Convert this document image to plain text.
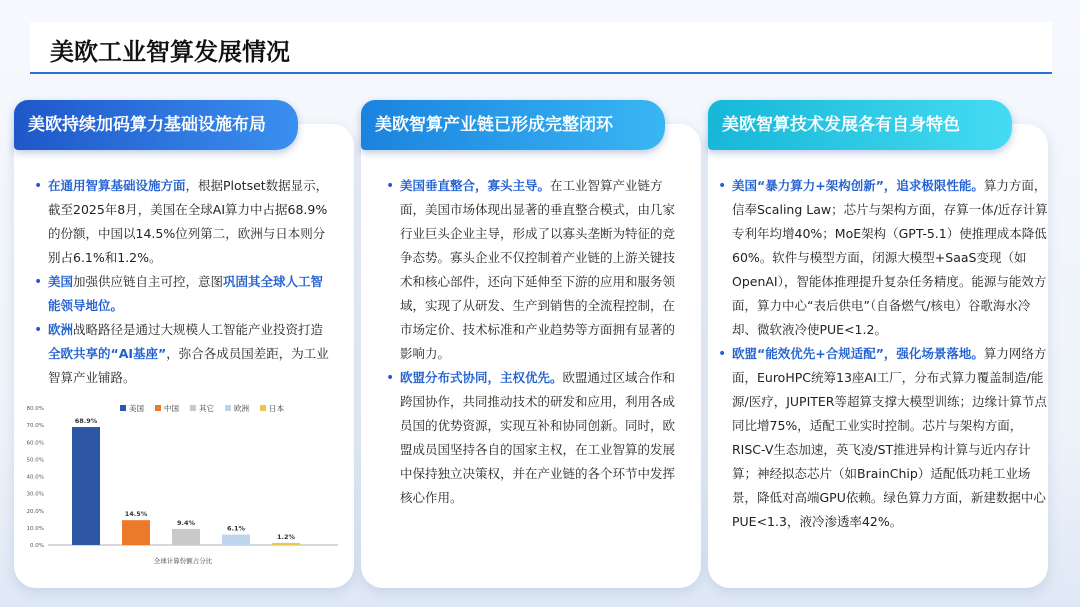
美欧工业智算发展情况
美欧持续加码算力基础设施布局
• 在通用智算基础设施方面，根据Plotset数据显示，截至2025年8月，美国在全球AI算力中占据68.9%的份额，中国以14.5%位列第二，欧洲与日本则分别占6.1%和1.2%。
• 美国加强供应链自主可控，意图巩固其全球人工智能领导地位。
• 欧洲战略路径是通过大规模人工智能产业投资打造全欧共享的“AI基座”，弥合各成员国差距，为工业智算产业铺路。
0.0%
10.0%
20.0%
30.0%
40.0%
50.0%
60.0%
70.0%
80.0%
68.9%
14.5%
9.4%
6.1%
1.2%
美国	中国	其它	欧洲	日本
全球计算份额占分比
美欧智算产业链已形成完整闭环
• 美国垂直整合，寡头主导。在工业智算产业链方面，美国市场体现出显著的垂直整合模式，由几家行业巨头企业主导，形成了以寡头垄断为特征的竞争态势。寡头企业不仅控制着产业链的上游关键技术和核心部件，还向下延伸至下游的应用和服务领域，实现了从研发、生产到销售的全流程控制，在市场定价、技术标准和产业趋势等方面拥有显著的影响力。
• 欧盟分布式协同，主权优先。欧盟通过区域合作和跨国协作，共同推动技术的研发和应用，利用各成员国的优势资源，实现互补和协同创新。同时，欧盟成员国坚持各自的国家主权，在工业智算的发展中保持独立决策权，并在产业链的各个环节中发挥核心作用。
美欧智算技术发展各有自身特色
• 美国“暴力算力+架构创新”，追求极限性能。算力方面，信奉Scaling Law；芯片与架构方面，存算一体/近存计算专利年均增40%；MoE架构（GPT-5.1）使推理成本降低60%。软件与模型方面，闭源大模型+SaaS变现（如OpenAI），智能体推理提升复杂任务精度。能源与能效方面，算力中心“表后供电”（自备燃气/核电）谷歌海水冷却、微软液冷使PUE<1.2。
• 欧盟“能效优先+合规适配”，强化场景落地。算力网络方面，EuroHPC统筹13座AI工厂，分布式算力覆盖制造/能源/医疗，JUPITER等超算支撑大模型训练；边缘计算节点同比增75%，适配工业实时控制。芯片与架构方面，RISC-V生态加速，英飞凌/ST推进异构计算与近内存计算；神经拟态芯片（如BrainChip）适配低功耗工业场景，降低对高端GPU依赖。绿色算力方面，新建数据中心PUE<1.3，液冷渗透率42%。
